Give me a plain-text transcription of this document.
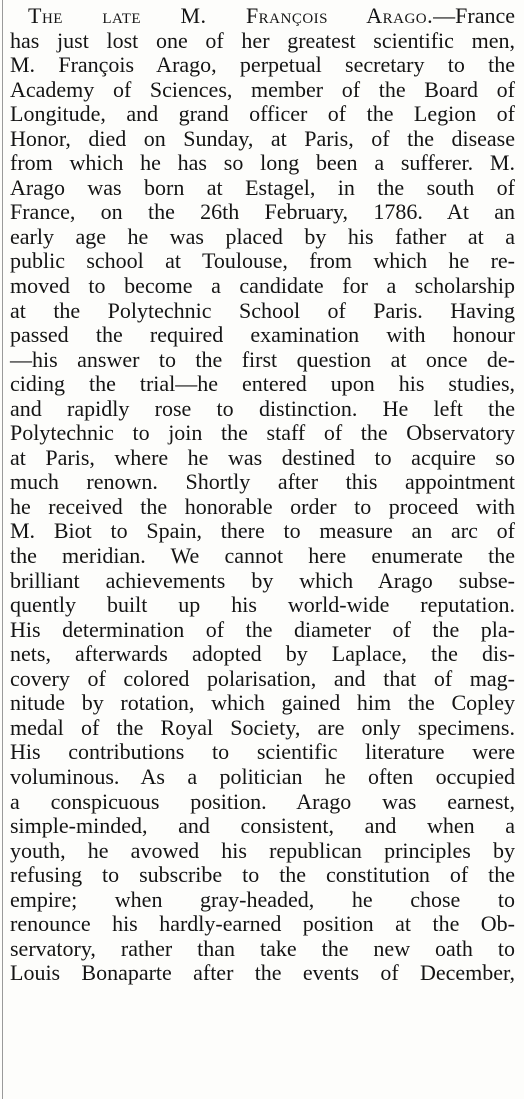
The late M. François Arago.—France
has just lost one of her greatest scientific men,
M. François Arago, perpetual secretary to the
Academy of Sciences, member of the Board of
Longitude, and grand officer of the Legion of
Honor, died on Sunday, at Paris, of the disease
from which he has so long been a sufferer. M.
Arago was born at Estagel, in the south of
France, on the 26th February, 1786. At an
early age he was placed by his father at a
public school at Toulouse, from which he re-
moved to become a candidate for a scholarship
at the Polytechnic School of Paris. Having
passed the required examination with honour
—his answer to the first question at once de-
ciding the trial—he entered upon his studies,
and rapidly rose to distinction. He left the
Polytechnic to join the staff of the Observatory
at Paris, where he was destined to acquire so
much renown. Shortly after this appointment
he received the honorable order to proceed with
M. Biot to Spain, there to measure an arc of
the meridian. We cannot here enumerate the
brilliant achievements by which Arago subse-
quently built up his world-wide reputation.
His determination of the diameter of the pla-
nets, afterwards adopted by Laplace, the dis-
covery of colored polarisation, and that of mag-
nitude by rotation, which gained him the Copley
medal of the Royal Society, are only specimens.
His contributions to scientific literature were
voluminous. As a politician he often occupied
a conspicuous position. Arago was earnest,
simple-minded, and consistent, and when a
youth, he avowed his republican principles by
refusing to subscribe to the constitution of the
empire; when gray-headed, he chose to
renounce his hardly-earned position at the Ob-
servatory, rather than take the new oath to
Louis Bonaparte after the events of December,
